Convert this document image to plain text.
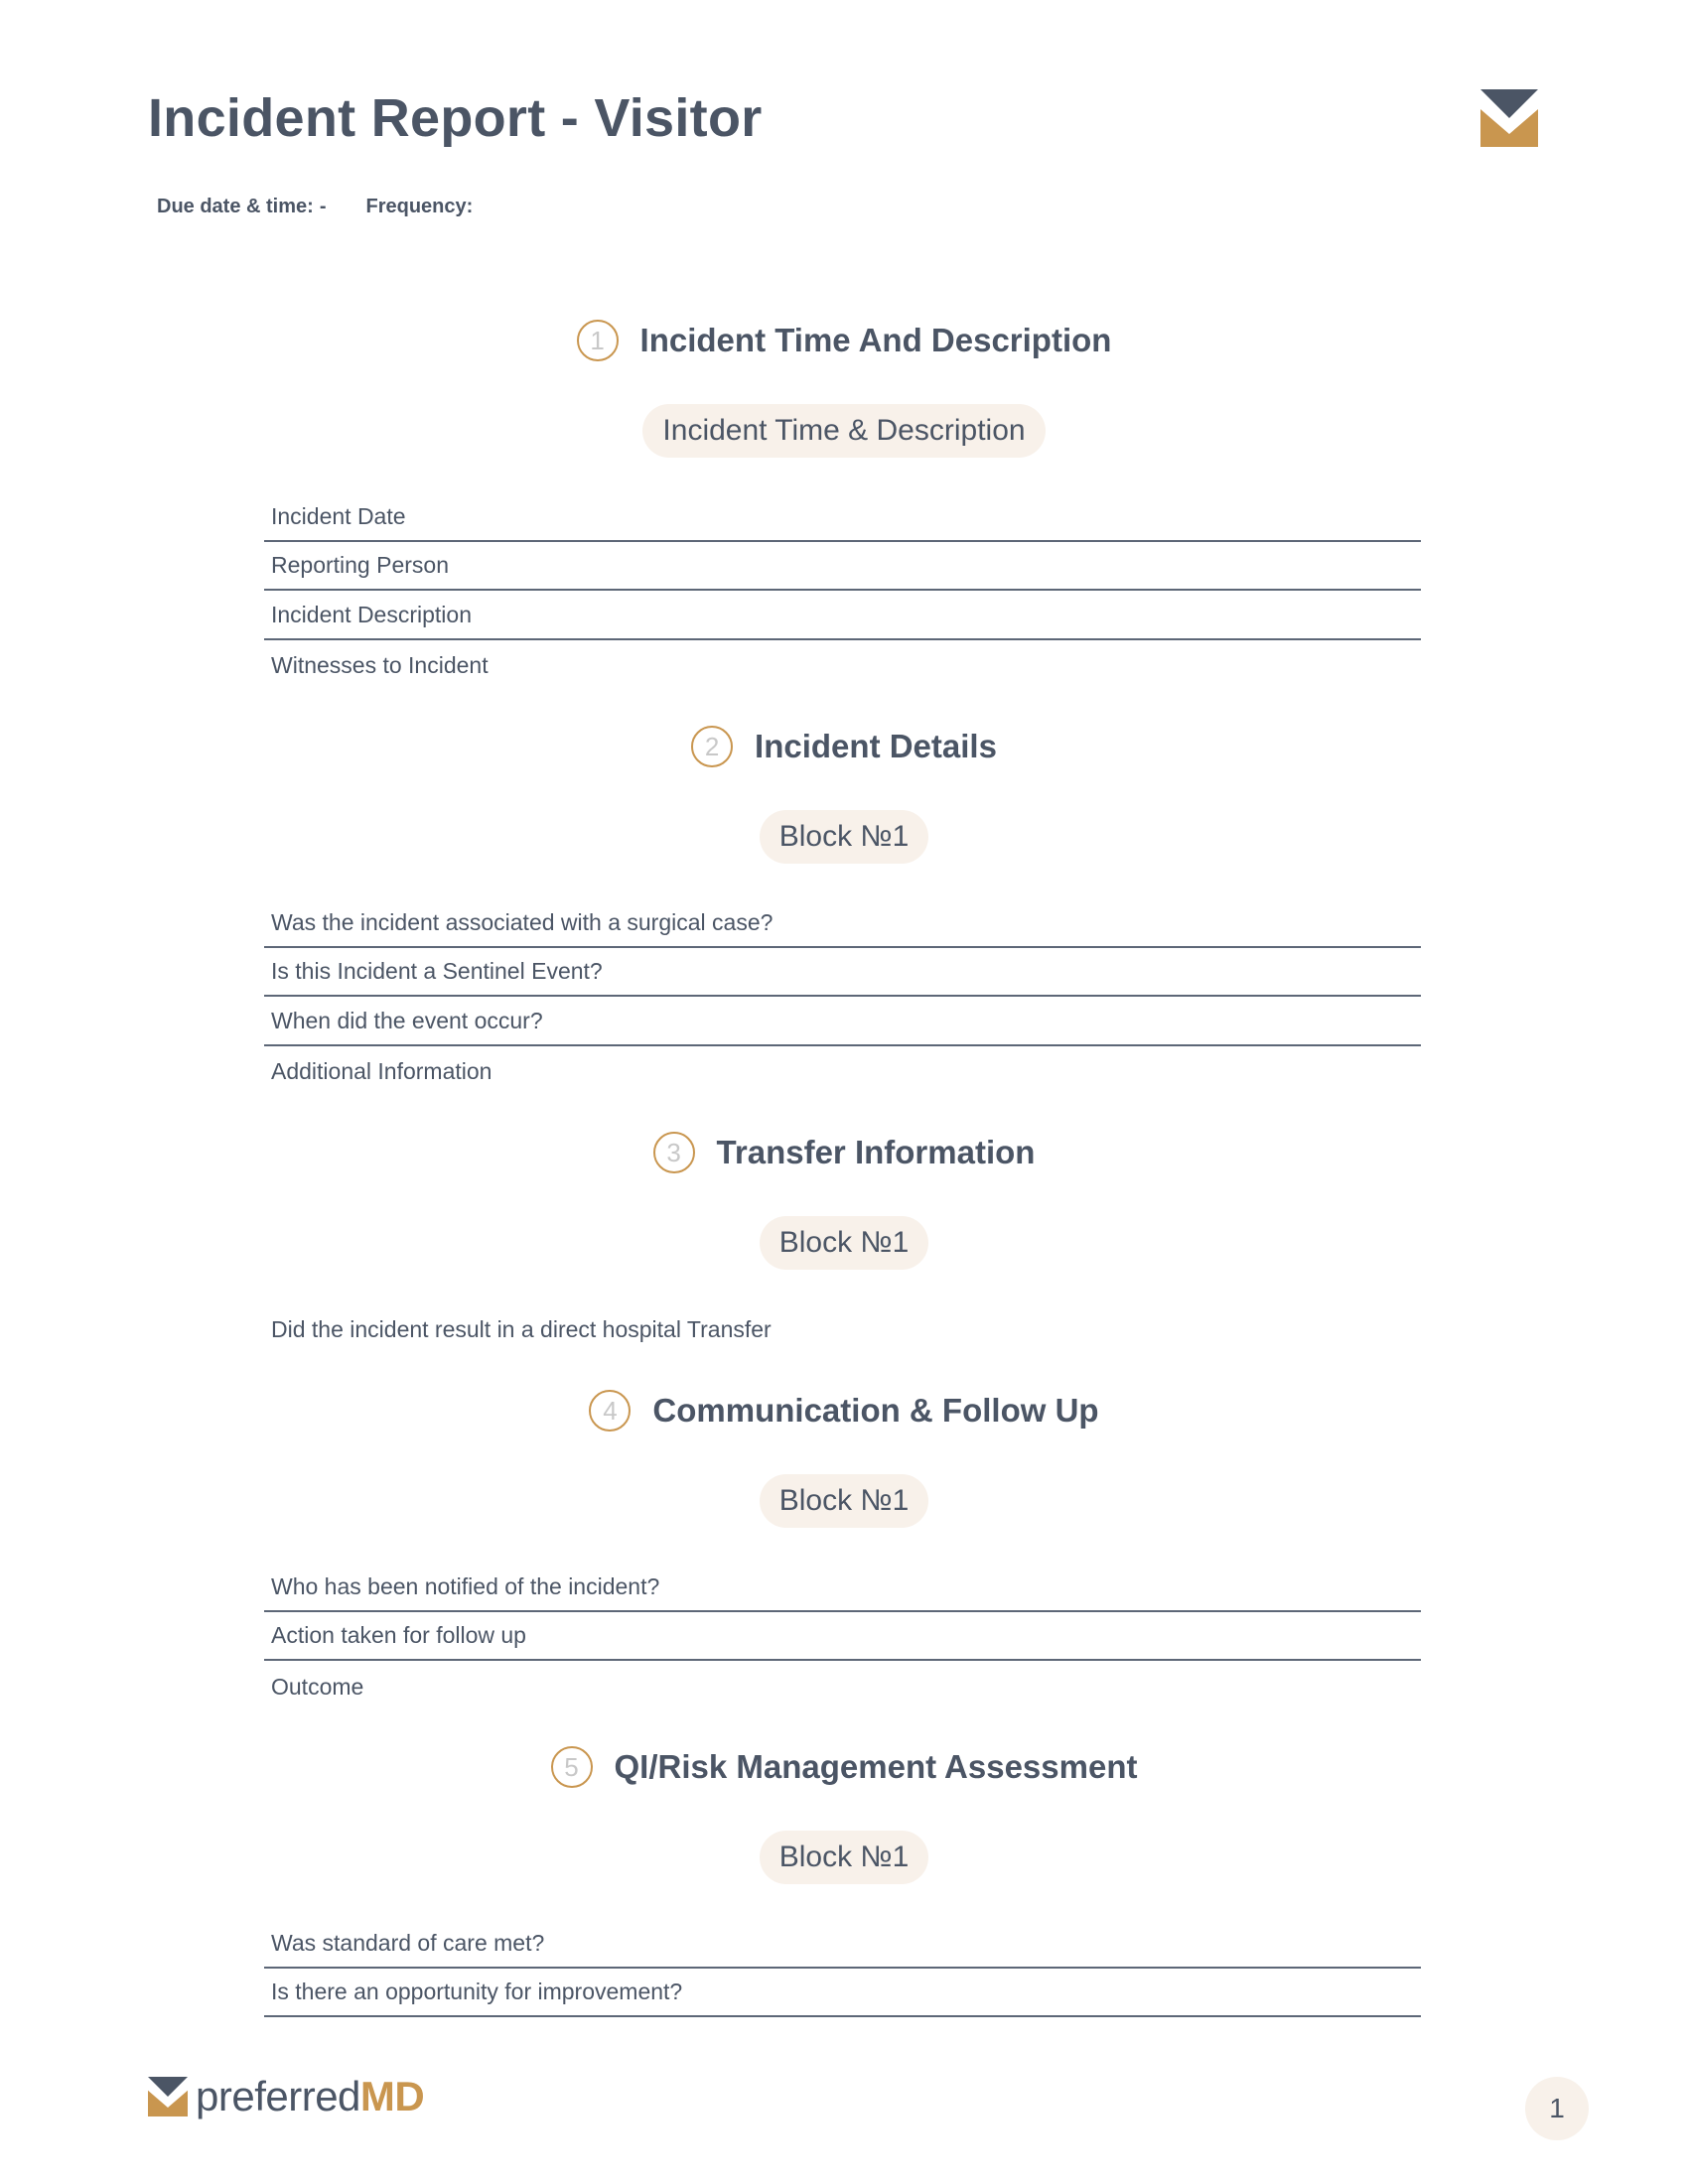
Incident Report - Visitor
Due date & time: - Frequency:
1	Incident Time And Description
Incident Time & Description
Incident Date
Reporting Person
Incident Description
Witnesses to Incident
2	Incident Details
Block №1
Was the incident associated with a surgical case?
Is this Incident a Sentinel Event?
When did the event occur?
Additional Information
3	Transfer Information
Block №1
Did the incident result in a direct hospital Transfer
4	Communication & Follow Up
Block №1
Who has been notified of the incident?
Action taken for follow up
Outcome
5	QI/Risk Management Assessment
Block №1
Was standard of care met?
Is there an opportunity for improvement?
preferredMD	1
